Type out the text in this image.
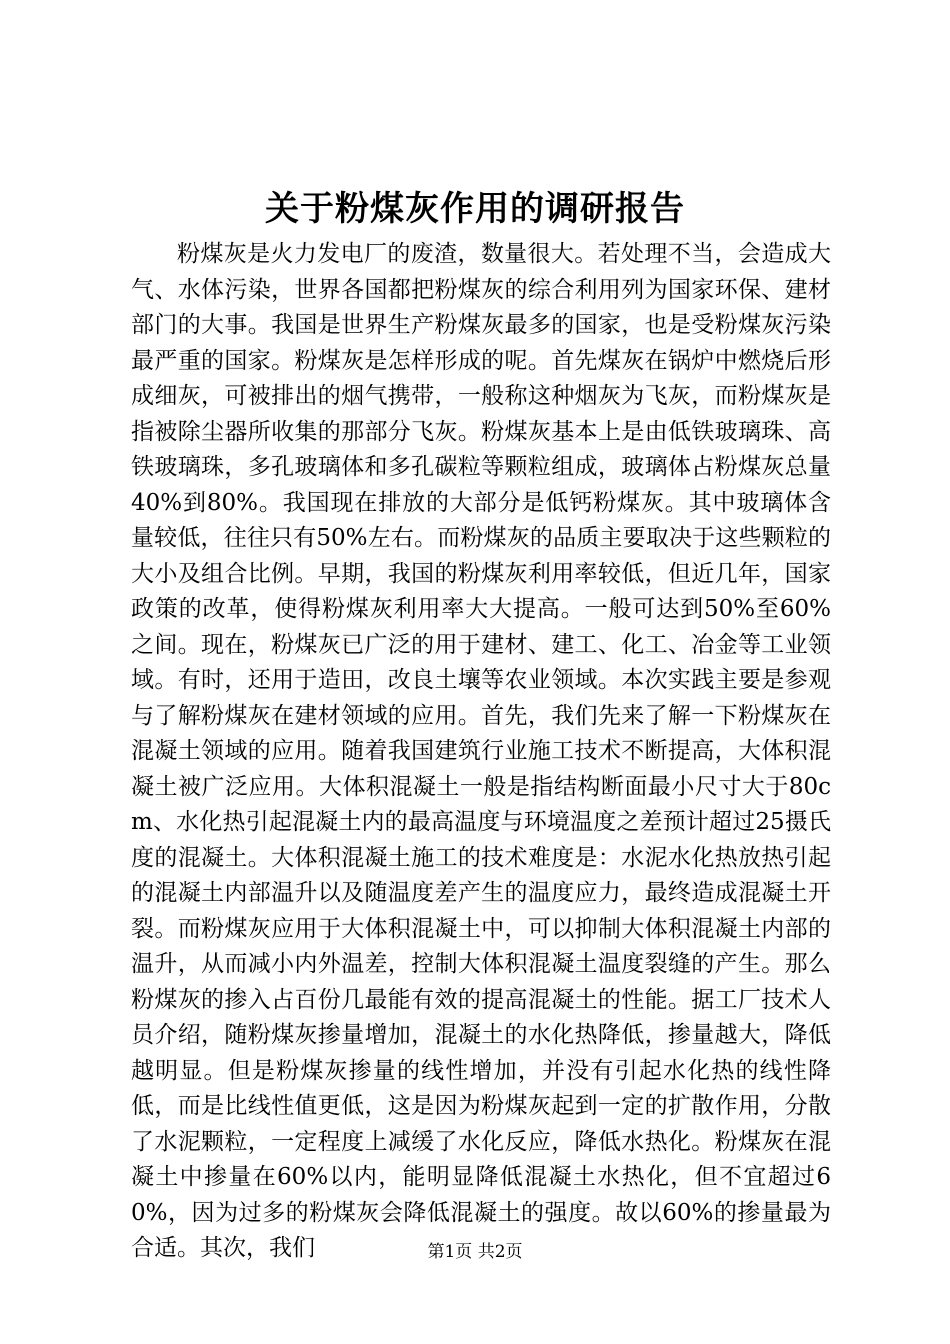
关于粉煤灰作用的调研报告

粉煤灰是火力发电厂的废渣，数量很大。若处理不当，会造成大气、水体污染，世界各国都把粉煤灰的综合利用列为国家环保、建材部门的大事。我国是世界生产粉煤灰最多的国家，也是受粉煤灰污染最严重的国家。粉煤灰是怎样形成的呢。首先煤灰在锅炉中燃烧后形成细灰，可被排出的烟气携带，一般称这种烟灰为飞灰，而粉煤灰是指被除尘器所收集的那部分飞灰。粉煤灰基本上是由低铁玻璃珠、高铁玻璃珠，多孔玻璃体和多孔碳粒等颗粒组成，玻璃体占粉煤灰总量40%到80%。我国现在排放的大部分是低钙粉煤灰。其中玻璃体含量较低，往往只有50%左右。而粉煤灰的品质主要取决于这些颗粒的大小及组合比例。早期，我国的粉煤灰利用率较低，但近几年，国家政策的改革，使得粉煤灰利用率大大提高。一般可达到50%至60%之间。现在，粉煤灰已广泛的用于建材、建工、化工、冶金等工业领域。有时，还用于造田，改良土壤等农业领域。本次实践主要是参观与了解粉煤灰在建材领域的应用。首先，我们先来了解一下粉煤灰在混凝土领域的应用。随着我国建筑行业施工技术不断提高，大体积混凝土被广泛应用。大体积混凝土一般是指结构断面最小尺寸大于80cm、水化热引起混凝土内的最高温度与环境温度之差预计超过25摄氏度的混凝土。大体积混凝土施工的技术难度是：水泥水化热放热引起的混凝土内部温升以及随温度差产生的温度应力，最终造成混凝土开裂。而粉煤灰应用于大体积混凝土中，可以抑制大体积混凝土内部的温升，从而减小内外温差，控制大体积混凝土温度裂缝的产生。那么粉煤灰的掺入占百份几最能有效的提高混凝土的性能。据工厂技术人员介绍，随粉煤灰掺量增加，混凝土的水化热降低，掺量越大，降低越明显。但是粉煤灰掺量的线性增加，并没有引起水化热的线性降低，而是比线性值更低，这是因为粉煤灰起到一定的扩散作用，分散了水泥颗粒，一定程度上减缓了水化反应，降低水热化。粉煤灰在混凝土中掺量在60%以内，能明显降低混凝土水热化，但不宜超过60%，因为过多的粉煤灰会降低混凝土的强度。故以60%的掺量最为合适。其次，我们	第1页 共2页
